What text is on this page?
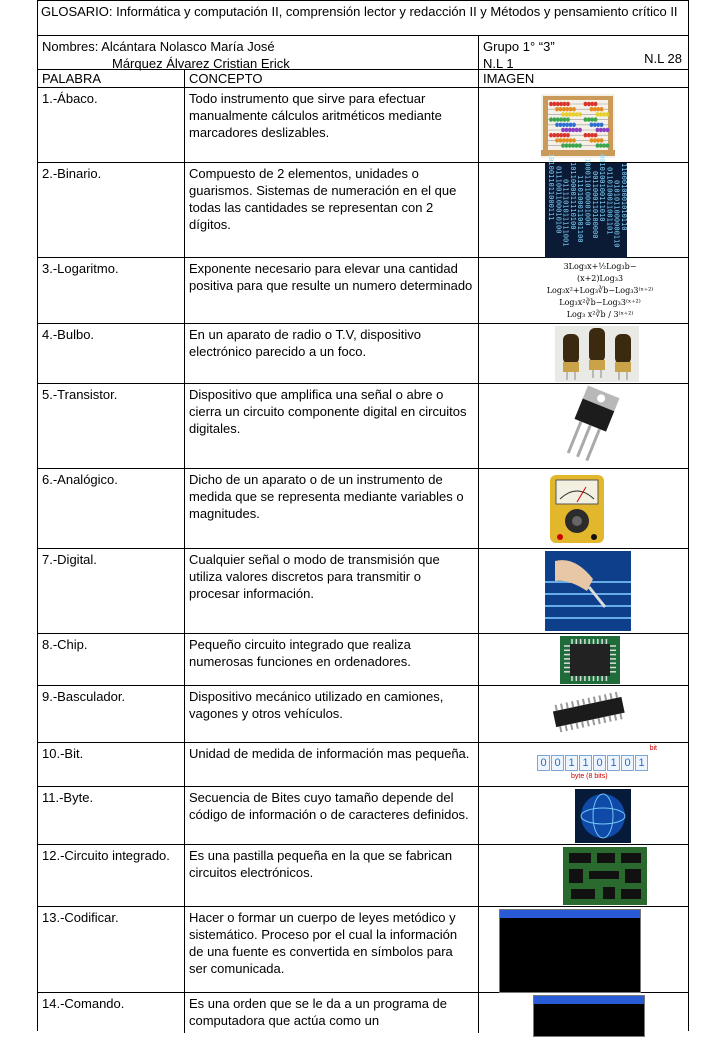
GLOSARIO: Informática y computación II, comprensión lector y redacción II y Métodos y pensamiento crítico II
Nombres: Alcántara Nolasco María José
Márquez Álvarez Cristian Erick
Grupo 1° “3”
N.L 1	N.L 28
PALABRA	CONCEPTO	IMAGEN
1.-Ábaco.	Todo instrumento que sirve para efectuar manualmente cálculos aritméticos mediante marcadores deslizables.
2.-Binario.	Compuesto de 2 elementos, unidades o guarismos. Sistemas de numeración en el que todas las cantidades se representan con 2 dígitos.
1010011011000111 0111001100010100 0111101011111001 1011000011110100 1110100011001100 1000110100001000 0011000110100000 0010100100111010 0110100011001101 0101011000000110 1100010001010110
3.-Logaritmo.	Exponente necesario para elevar una cantidad positiva para que resulte un numero determinado
3Log₃x+½Log₃b−(x+2)Log₃3
Log₃x²+Log₃∛b−Log₃3⁽ˣ⁺²⁾
Log₃x²∛b−Log₃3⁽ˣ⁺²⁾
Log₃ x²∛b / 3⁽ˣ⁺²⁾
4.-Bulbo.	En un aparato de radio o T.V, dispositivo electrónico parecido a un foco.
5.-Transistor.	Dispositivo que amplifica una señal o abre o cierra un circuito componente digital en circuitos digitales.
6.-Analógico.	Dicho de un aparato o de un instrumento de medida que se representa mediante variables o magnitudes.
7.-Digital.	Cualquier señal o modo de transmisión que utiliza valores discretos para transmitir o procesar información.
8.-Chip.	Pequeño circuito integrado que realiza numerosas funciones en ordenadores.
9.-Basculador.	Dispositivo mecánico utilizado en camiones, vagones y otros vehículos.
10.-Bit.	Unidad de medida de información mas pequeña.	bit
0 0 1 1 0 1 0 1
byte (8 bits)
11.-Byte.	Secuencia de Bites cuyo tamaño depende del código de información o de caracteres definidos.
12.-Circuito integrado.	Es una pastilla pequeña en la que se fabrican circuitos electrónicos.
13.-Codificar.	Hacer o formar un cuerpo de leyes metódico y sistemático. Proceso por el cual la información de una fuente es convertida en símbolos para ser comunicada.
14.-Comando.	Es una orden que se le da a un programa de computadora que actúa como un
